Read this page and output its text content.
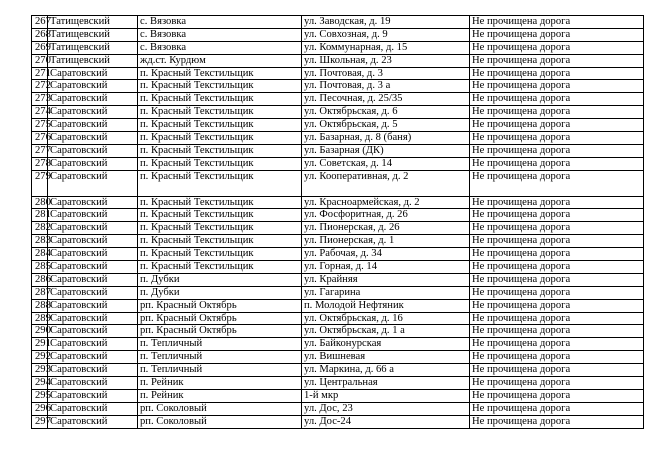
267	Татищевский	с. Вязовка	ул. Заводская, д. 19	Не прочищена дорога
268	Татищевский	с. Вязовка	ул. Совхозная, д. 9	Не прочищена дорога
269	Татищевский	с. Вязовка	ул. Коммунарная, д. 15	Не прочищена дорога
270	Татищевский	жд.ст. Курдюм	ул. Школьная, д. 23	Не прочищена дорога
271	Саратовский	п. Красный Текстильщик	ул. Почтовая, д. 3	Не прочищена дорога
272	Саратовский	п. Красный Текстильщик	ул. Почтовая, д. 3 а	Не прочищена дорога
273	Саратовский	п. Красный Текстильщик	ул. Песочная, д. 25/35	Не прочищена дорога
274	Саратовский	п. Красный Текстильщик	ул. Октябрьская, д. 6	Не прочищена дорога
275	Саратовский	п. Красный Текстильщик	ул. Октябрьская, д. 5	Не прочищена дорога
276	Саратовский	п. Красный Текстильщик	ул. Базарная, д. 8 (баня)	Не прочищена дорога
277	Саратовский	п. Красный Текстильщик	ул. Базарная (ДК)	Не прочищена дорога
278	Саратовский	п. Красный Текстильщик	ул. Советская, д. 14	Не прочищена дорога
279	Саратовский	п. Красный Текстильщик	ул. Кооперативная, д. 2	Не прочищена дорога
280	Саратовский	п. Красный Текстильщик	ул. Красноармейская, д. 2	Не прочищена дорога
281	Саратовский	п. Красный Текстильщик	ул. Фосфоритная, д. 26	Не прочищена дорога
282	Саратовский	п. Красный Текстильщик	ул. Пионерская, д. 26	Не прочищена дорога
283	Саратовский	п. Красный Текстильщик	ул. Пионерская, д. 1	Не прочищена дорога
284	Саратовский	п. Красный Текстильщик	ул. Рабочая, д. 34	Не прочищена дорога
285	Саратовский	п. Красный Текстильщик	ул. Горная, д. 14	Не прочищена дорога
286	Саратовский	п. Дубки	ул. Крайняя	Не прочищена дорога
287	Саратовский	п. Дубки	ул. Гагарина	Не прочищена дорога
288	Саратовский	рп. Красный Октябрь	п. Молодой Нефтяник	Не прочищена дорога
289	Саратовский	рп. Красный Октябрь	ул. Октябрьская, д. 16	Не прочищена дорога
290	Саратовский	рп. Красный Октябрь	ул. Октябрьская, д. 1 а	Не прочищена дорога
291	Саратовский	п. Тепличный	ул. Байконурская	Не прочищена дорога
292	Саратовский	п. Тепличный	ул. Вишневая	Не прочищена дорога
293	Саратовский	п. Тепличный	ул. Маркина, д. 66 а	Не прочищена дорога
294	Саратовский	п. Рейник	ул. Центральная	Не прочищена дорога
295	Саратовский	п. Рейник	1-й мкр	Не прочищена дорога
296	Саратовский	рп. Соколовый	ул. Дос, 23	Не прочищена дорога
297	Саратовский	рп. Соколовый	ул. Дос-24	Не прочищена дорога
